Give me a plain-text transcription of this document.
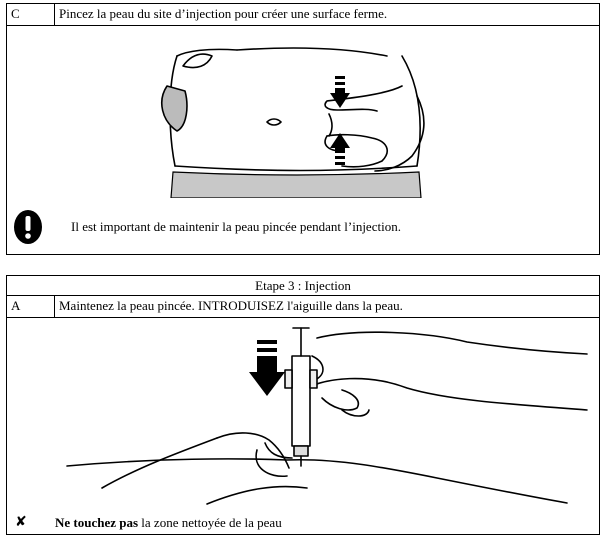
C	Pincez la peau du site d’injection pour créer une surface ferme.
Il est important de maintenir la peau pincée pendant l’injection.
Etape 3 : Injection
A	Maintenez la peau pincée. INTRODUISEZ l'aiguille dans la peau.
✘ Ne touchez pas la zone nettoyée de la peau
